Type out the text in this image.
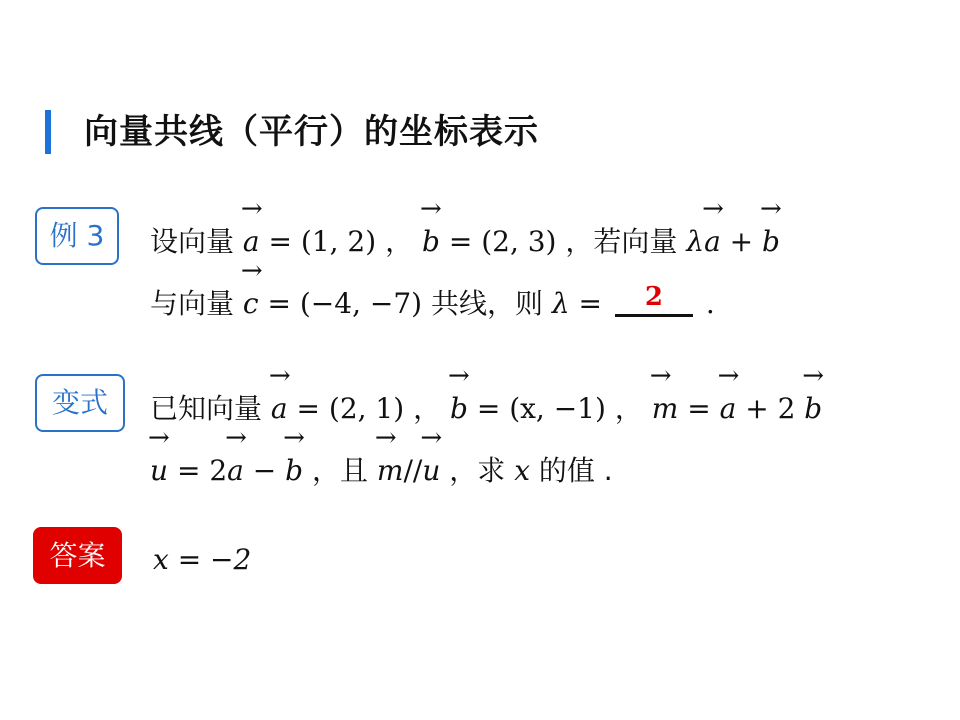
向量共线（平行）的坐标表示
例 3	设向量 → a = (1, 2) ， → b = (2, 3) ，若向量 λ→ a + → b
与向量 → c = (−4, −7) 共线，则 λ =	2	.
变式	已知向量 → a = (2, 1) ， → b = (x, −1) ， → m = → a + 2 → b
→ u = 2→ a − → b ，且 → m//→ u ，求 x 的值 .
答案	x = −2
